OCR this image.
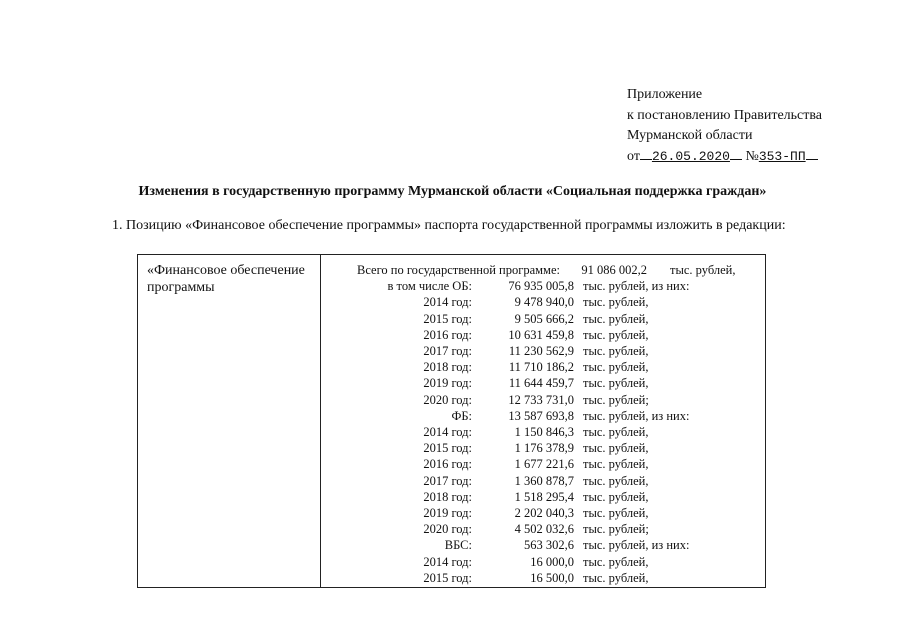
Приложение
к постановлению Правительства
Мурманской области
от 26.05.2020 №353-ПП
Изменения в государственную программу Мурманской области «Социальная поддержка граждан»
1. Позицию «Финансовое обеспечение программы» паспорта государственной программы изложить в редакции:
«Финансовое обеспечение программы
Всего по государственной программе: 91 086 002,2 тыс. рублей,
в том числе ОБ:	76 935 005,8 тыс. рублей, из них:
2014 год:	9 478 940,0 тыс. рублей,
2015 год:	9 505 666,2 тыс. рублей,
2016 год:	10 631 459,8 тыс. рублей,
2017 год:	11 230 562,9 тыс. рублей,
2018 год:	11 710 186,2 тыс. рублей,
2019 год:	11 644 459,7 тыс. рублей,
2020 год:	12 733 731,0 тыс. рублей;
ФБ:	13 587 693,8 тыс. рублей, из них:
2014 год:	1 150 846,3 тыс. рублей,
2015 год:	1 176 378,9 тыс. рублей,
2016 год:	1 677 221,6 тыс. рублей,
2017 год:	1 360 878,7 тыс. рублей,
2018 год:	1 518 295,4 тыс. рублей,
2019 год:	2 202 040,3 тыс. рублей,
2020 год:	4 502 032,6 тыс. рублей;
ВБС:	563 302,6 тыс. рублей, из них:
2014 год:	16 000,0 тыс. рублей,
2015 год:	16 500,0 тыс. рублей,
